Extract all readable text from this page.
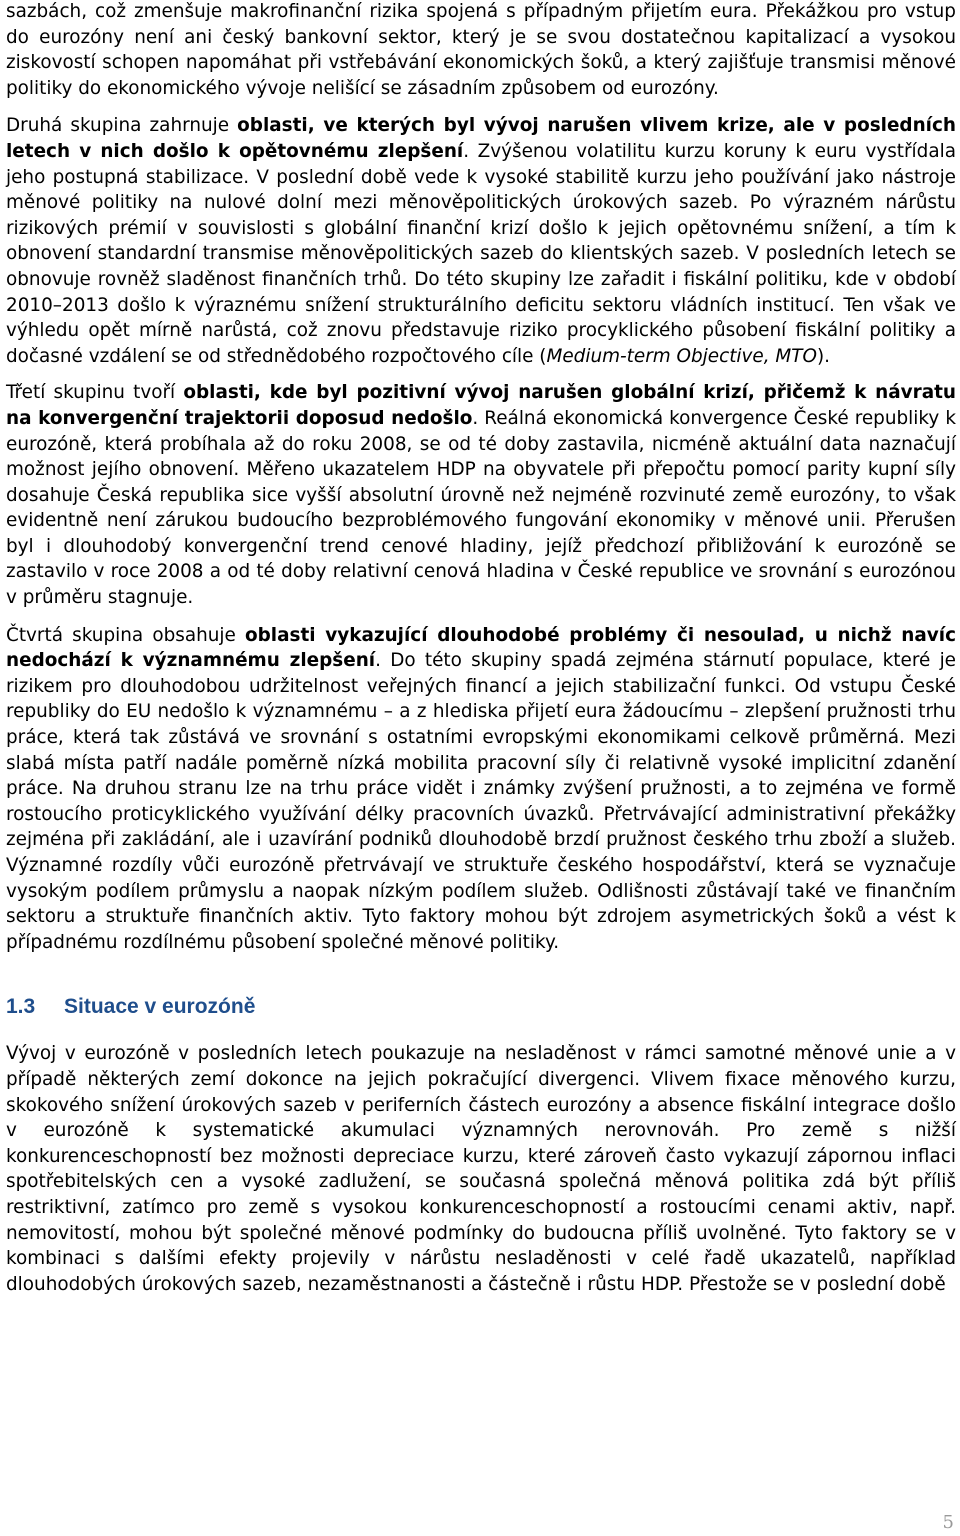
sazbách, což zmenšuje makrofinanční rizika spojená s případným přijetím eura. Překážkou pro vstup do eurozóny není ani český bankovní sektor, který je se svou dostatečnou kapitalizací a vysokou ziskovostí schopen napomáhat při vstřebávání ekonomických šoků, a který zajišťuje transmisi měnové politiky do ekonomického vývoje nelišící se zásadním způsobem od eurozóny.

Druhá skupina zahrnuje oblasti, ve kterých byl vývoj narušen vlivem krize, ale v posledních letech v nich došlo k opětovnému zlepšení. Zvýšenou volatilitu kurzu koruny k euru vystřídala jeho postupná stabilizace. V poslední době vede k vysoké stabilitě kurzu jeho používání jako nástroje měnové politiky na nulové dolní mezi měnověpolitických úrokových sazeb. Po výrazném nárůstu rizikových prémií v souvislosti s globální finanční krizí došlo k jejich opětovnému snížení, a tím k obnovení standardní transmise měnověpolitických sazeb do klientských sazeb. V posledních letech se obnovuje rovněž sladěnost finančních trhů. Do této skupiny lze zařadit i fiskální politiku, kde v období 2010–2013 došlo k výraznému snížení strukturálního deficitu sektoru vládních institucí. Ten však ve výhledu opět mírně narůstá, což znovu představuje riziko procyklického působení fiskální politiky a dočasné vzdálení se od střednědobého rozpočtového cíle (Medium-term Objective, MTO).

Třetí skupinu tvoří oblasti, kde byl pozitivní vývoj narušen globální krizí, přičemž k návratu na konvergenční trajektorii doposud nedošlo. Reálná ekonomická konvergence České republiky k eurozóně, která probíhala až do roku 2008, se od té doby zastavila, nicméně aktuální data naznačují možnost jejího obnovení. Měřeno ukazatelem HDP na obyvatele při přepočtu pomocí parity kupní síly dosahuje Česká republika sice vyšší absolutní úrovně než nejméně rozvinuté země eurozóny, to však evidentně není zárukou budoucího bezproblémového fungování ekonomiky v měnové unii. Přerušen byl i dlouhodobý konvergenční trend cenové hladiny, jejíž předchozí přibližování k eurozóně se zastavilo v roce 2008 a od té doby relativní cenová hladina v České republice ve srovnání s eurozónou v průměru stagnuje.

Čtvrtá skupina obsahuje oblasti vykazující dlouhodobé problémy či nesoulad, u nichž navíc nedochází k významnému zlepšení. Do této skupiny spadá zejména stárnutí populace, které je rizikem pro dlouhodobou udržitelnost veřejných financí a jejich stabilizační funkci. Od vstupu České republiky do EU nedošlo k významnému – a z hlediska přijetí eura žádoucímu – zlepšení pružnosti trhu práce, která tak zůstává ve srovnání s ostatními evropskými ekonomikami celkově průměrná. Mezi slabá místa patří nadále poměrně nízká mobilita pracovní síly či relativně vysoké implicitní zdanění práce. Na druhou stranu lze na trhu práce vidět i známky zvýšení pružnosti, a to zejména ve formě rostoucího proticyklického využívání délky pracovních úvazků. Přetrvávající administrativní překážky zejména při zakládání, ale i uzavírání podniků dlouhodobě brzdí pružnost českého trhu zboží a služeb. Významné rozdíly vůči eurozóně přetrvávají ve struktuře českého hospodářství, která se vyznačuje vysokým podílem průmyslu a naopak nízkým podílem služeb. Odlišnosti zůstávají také ve finančním sektoru a struktuře finančních aktiv. Tyto faktory mohou být zdrojem asymetrických šoků a vést k případnému rozdílnému působení společné měnové politiky.

1.3 Situace v eurozóně

Vývoj v eurozóně v posledních letech poukazuje na nesladěnost v rámci samotné měnové unie a v případě některých zemí dokonce na jejich pokračující divergenci. Vlivem fixace měnového kurzu, skokového snížení úrokových sazeb v periferních částech eurozóny a absence fiskální integrace došlo v eurozóně k systematické akumulaci významných nerovnováh. Pro země s nižší konkurenceschopností bez možnosti depreciace kurzu, které zároveň často vykazují zápornou inflaci spotřebitelských cen a vysoké zadlužení, se současná společná měnová politika zdá být příliš restriktivní, zatímco pro země s vysokou konkurenceschopností a rostoucími cenami aktiv, např. nemovitostí, mohou být společné měnové podmínky do budoucna příliš uvolněné. Tyto faktory se v kombinaci s dalšími efekty projevily v nárůstu nesladěnosti v celé řadě ukazatelů, například dlouhodobých úrokových sazeb, nezaměstnanosti a částečně i růstu HDP. Přestože se v poslední době

5
